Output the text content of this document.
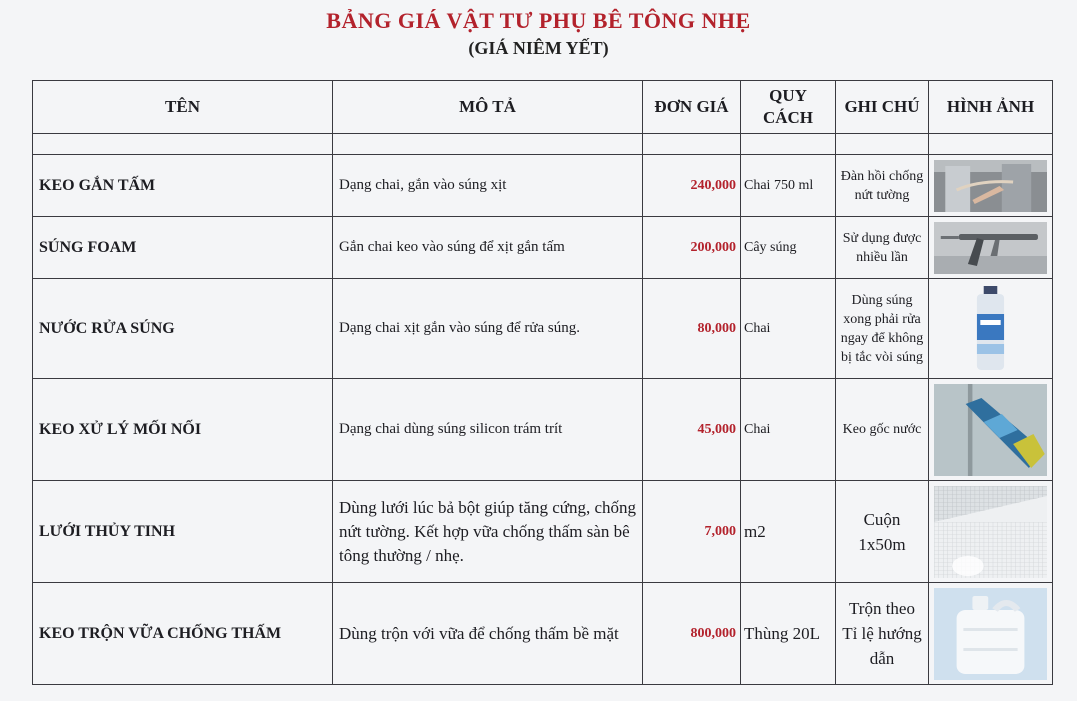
BẢNG GIÁ VẬT TƯ PHỤ BÊ TÔNG NHẸ
(GIÁ NIÊM YẾT)
TÊN	MÔ TẢ	ĐƠN GIÁ	QUY CÁCH	GHI CHÚ	HÌNH ẢNH

KEO GẮN TẤM	Dạng chai, gắn vào súng xịt	240,000	Chai 750 ml	Đàn hồi chống nứt tường	

SÚNG FOAM	Gắn chai keo vào súng để xịt gắn tấm	200,000	Cây súng	Sử dụng được nhiều lần	

NƯỚC RỬA SÚNG	Dạng chai xịt gắn vào súng để rửa súng.	80,000	Chai	Dùng súng xong phải rửa ngay để không bị tắc vòi súng	

KEO XỬ LÝ MỐI NỐI	Dạng chai dùng súng silicon trám trít	45,000	Chai	Keo gốc nước	

LƯỚI THỦY TINH	Dùng lưới lúc bả bột giúp tăng cứng, chống nứt tường. Kết hợp vữa chống thấm sàn bê tông thường / nhẹ.	7,000	m2	Cuộn 1x50m	

KEO TRỘN VỮA CHỐNG THẤM	Dùng trộn với vữa để chống thấm bề mặt	800,000	Thùng 20L	Trộn theo Tỉ lệ hướng dẫn	
